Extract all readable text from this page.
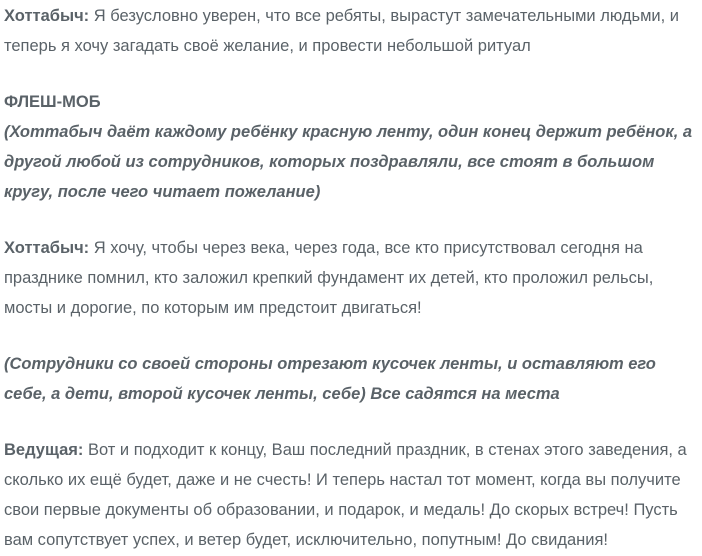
Хоттабыч: Я безусловно уверен, что все ребяты, вырастут замечательными людьми, и теперь я хочу загадать своё желание, и провести небольшой ритуал

ФЛЕШ-МОБ

(Хоттабыч даёт каждому ребёнку красную ленту, один конец держит ребёнок, а другой любой из сотрудников, которых поздравляли, все стоят в большом кругу, после чего читает пожелание)

Хоттабыч: Я хочу, чтобы через века, через года, все кто присутствовал сегодня на празднике помнил, кто заложил крепкий фундамент их детей, кто проложил рельсы, мосты и дорогие, по которым им предстоит двигаться!

(Сотрудники со своей стороны отрезают кусочек ленты, и оставляют его себе, а дети, второй кусочек ленты, себе) Все садятся на места

Ведущая: Вот и подходит к концу, Ваш последний праздник, в стенах этого заведения, а сколько их ещё будет, даже и не счесть! И теперь настал тот момент, когда вы получите свои первые документы об образовании, и подарок, и медаль! До скорых встреч! Пусть вам сопутствует успех, и ветер будет, исключительно, попутным! До свидания!
